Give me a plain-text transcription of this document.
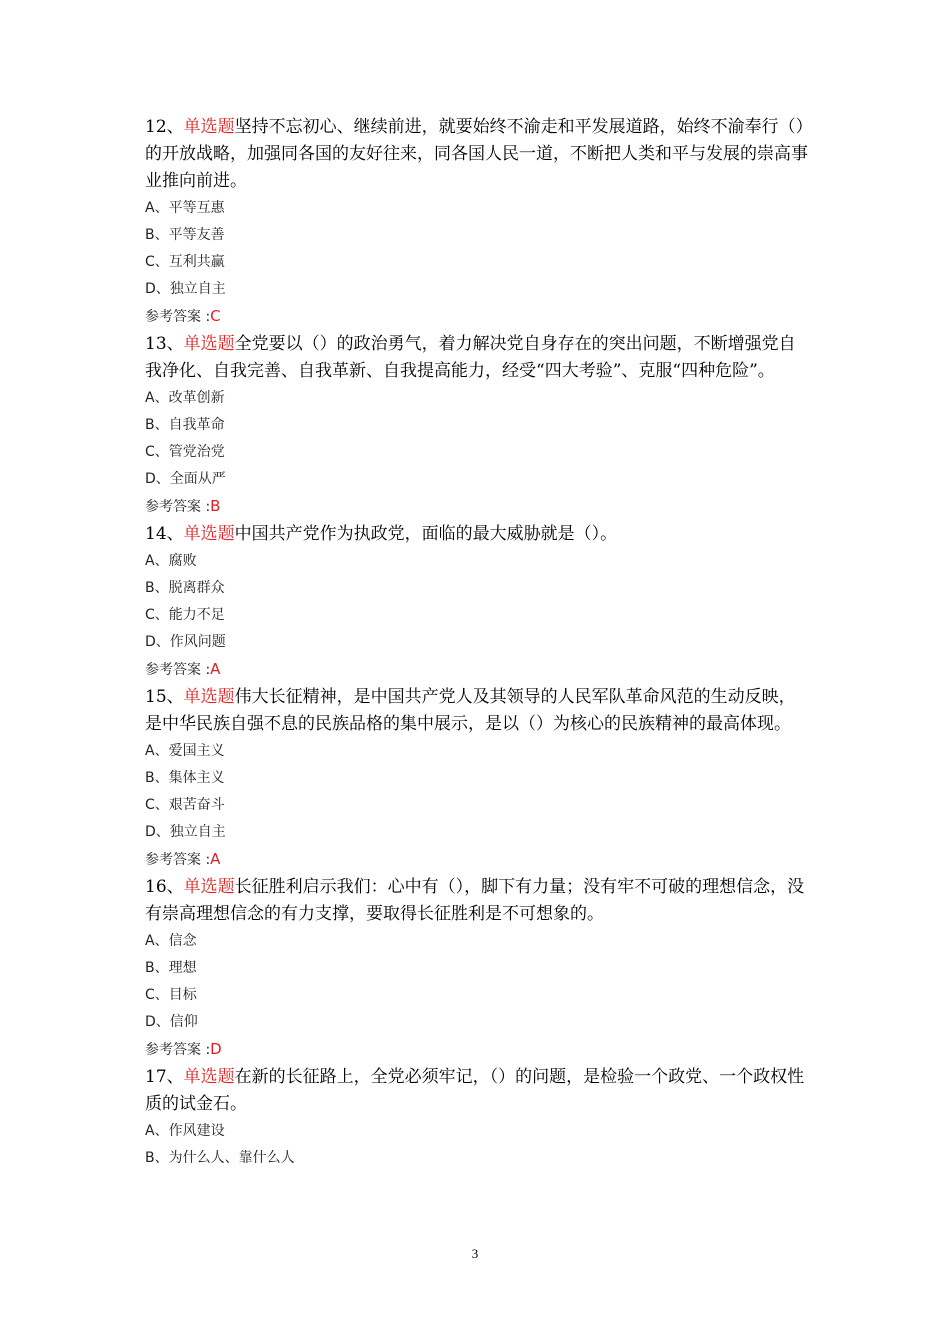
12、单选题坚持不忘初心、继续前进，就要始终不渝走和平发展道路，始终不渝奉行（）的开放战略，加强同各国的友好往来，同各国人民一道，不断把人类和平与发展的崇高事业推向前进。

A、平等互惠

B、平等友善

C、互利共赢

D、独立自主

参考答案 :C

13、单选题全党要以（）的政治勇气，着力解决党自身存在的突出问题，不断增强党自我净化、自我完善、自我革新、自我提高能力，经受“四大考验”、克服“四种危险”。

A、改革创新

B、自我革命

C、管党治党

D、全面从严

参考答案 :B

14、单选题中国共产党作为执政党，面临的最大威胁就是（）。

A、腐败

B、脱离群众

C、能力不足

D、作风问题

参考答案 :A

15、单选题伟大长征精神，是中国共产党人及其领导的人民军队革命风范的生动反映，是中华民族自强不息的民族品格的集中展示，是以（）为核心的民族精神的最高体现。

A、爱国主义

B、集体主义

C、艰苦奋斗

D、独立自主

参考答案 :A

16、单选题长征胜利启示我们：心中有（），脚下有力量；没有牢不可破的理想信念，没有崇高理想信念的有力支撑，要取得长征胜利是不可想象的。

A、信念

B、理想

C、目标

D、信仰

参考答案 :D

17、单选题在新的长征路上，全党必须牢记，（）的问题，是检验一个政党、一个政权性质的试金石。

A、作风建设

B、为什么人、靠什么人

3
